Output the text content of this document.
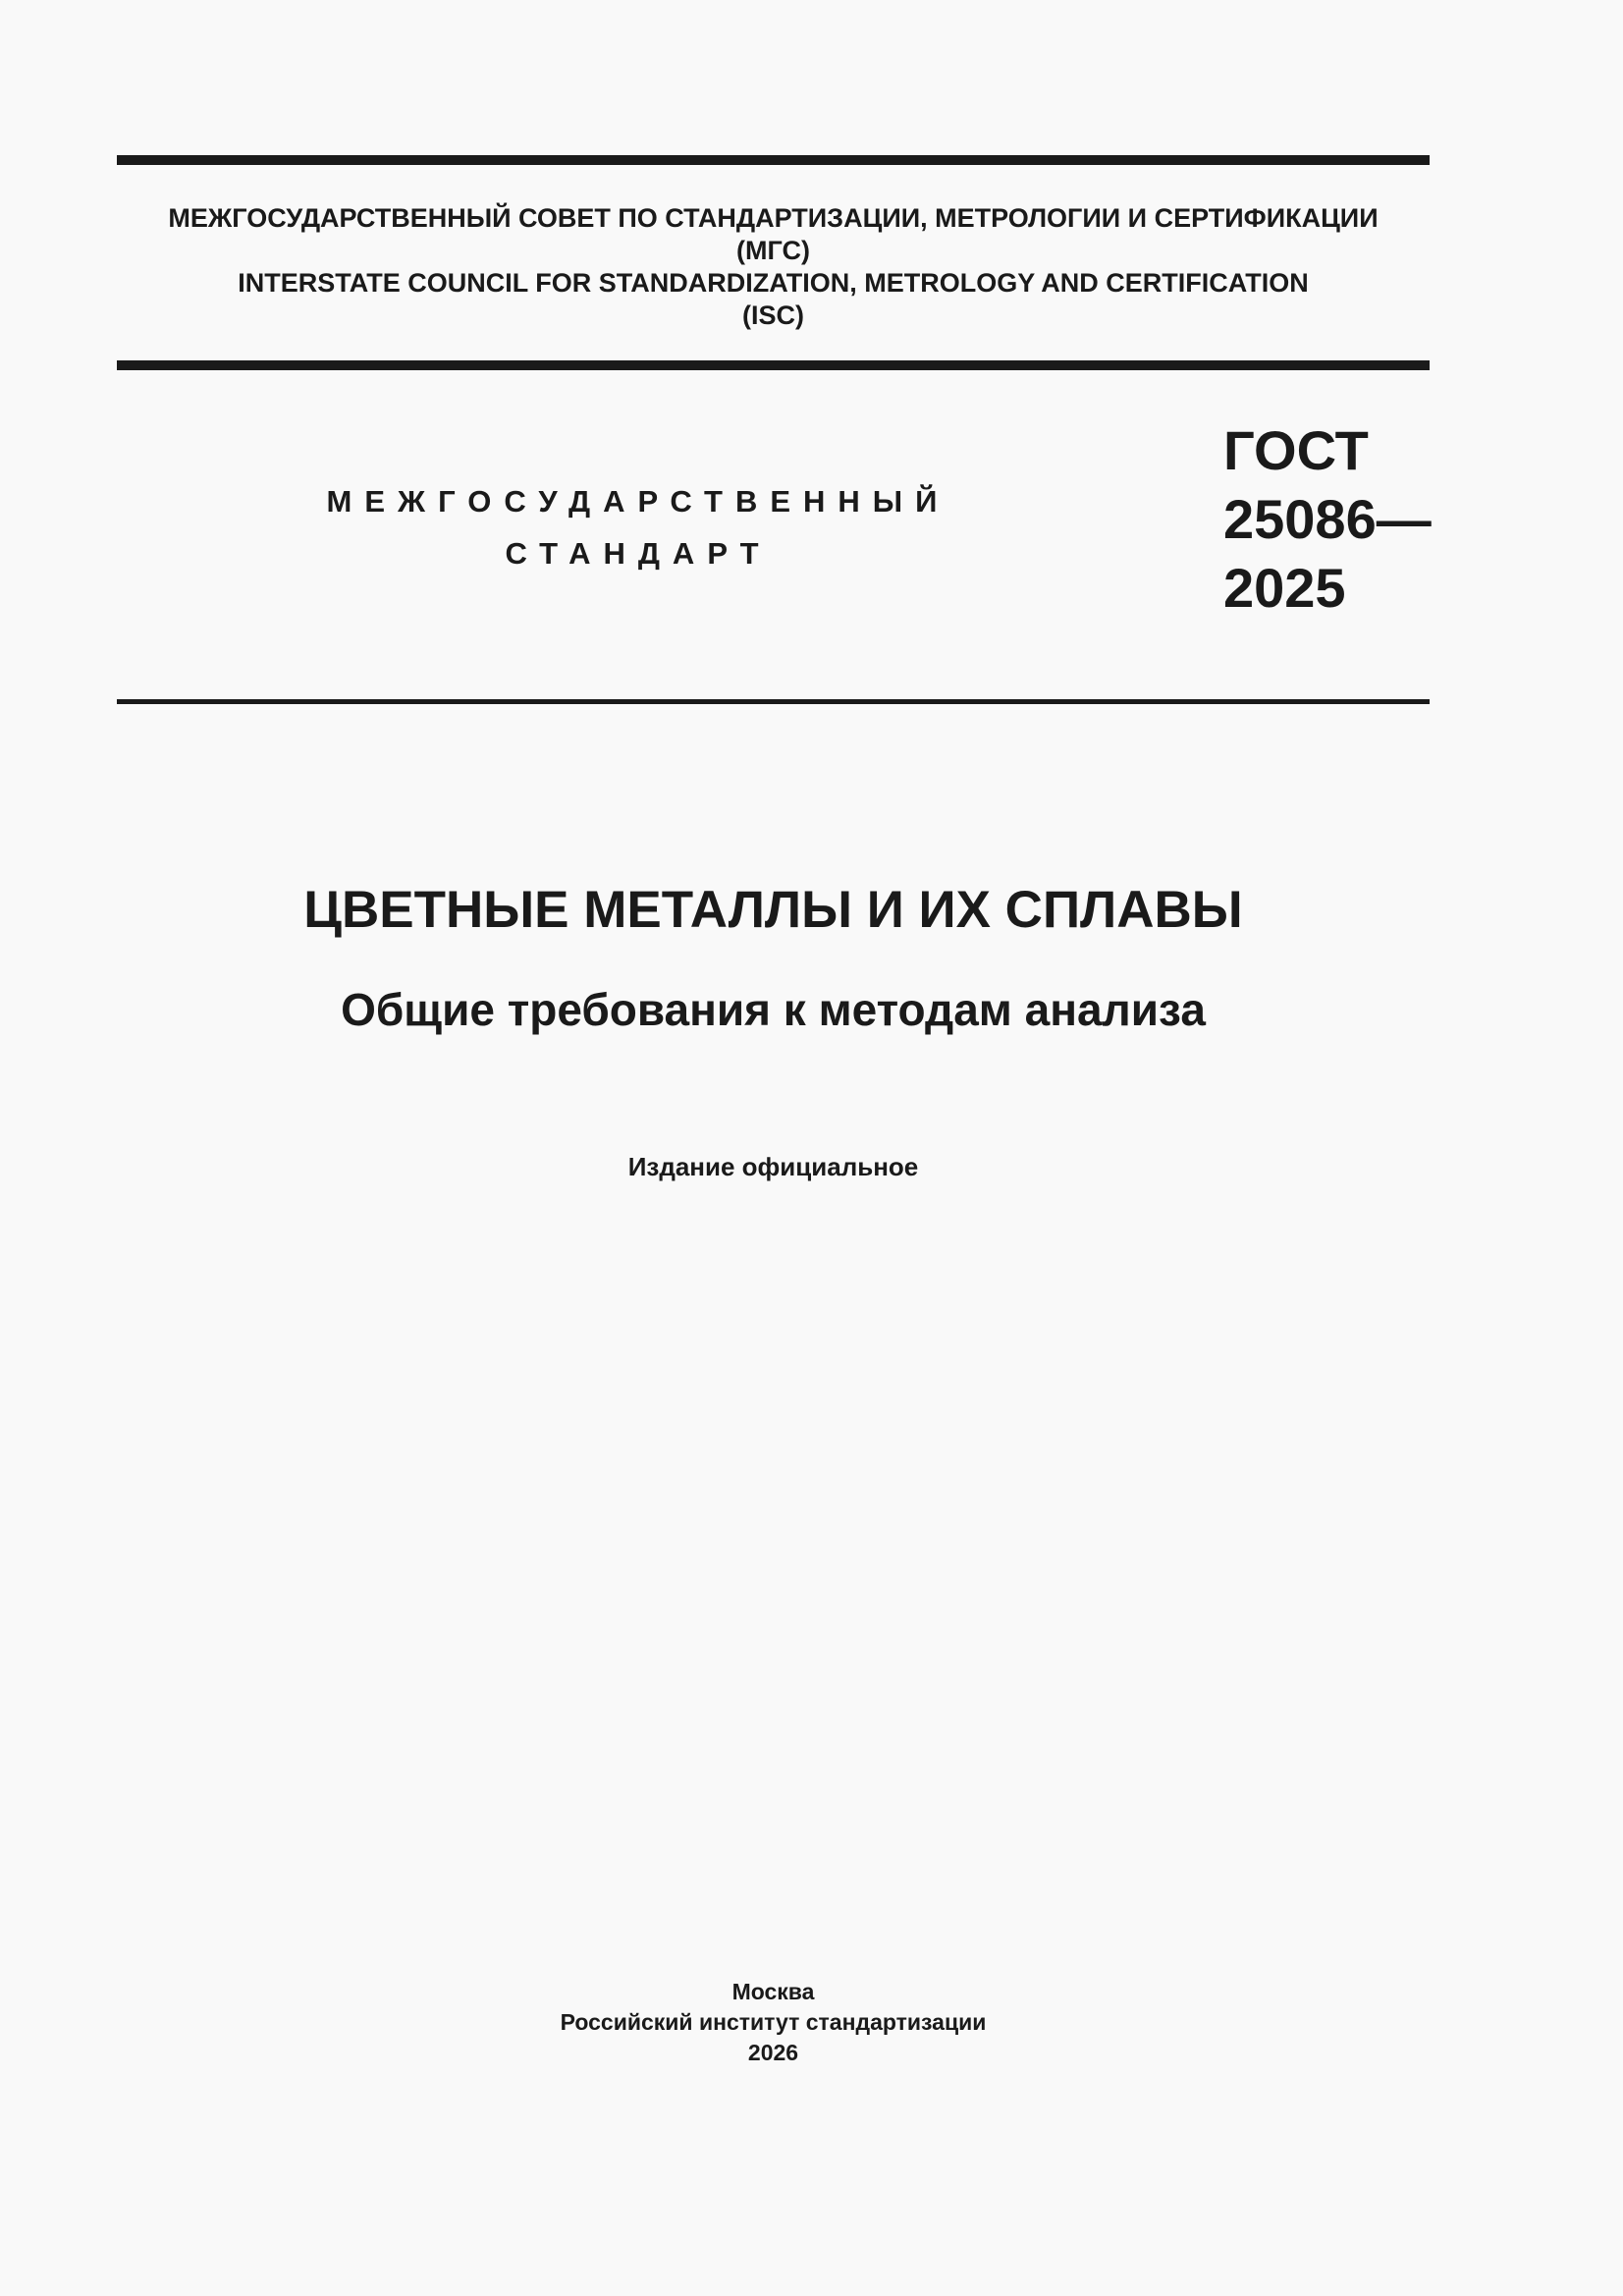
МЕЖГОСУДАРСТВЕННЫЙ СОВЕТ ПО СТАНДАРТИЗАЦИИ, МЕТРОЛОГИИ И СЕРТИФИКАЦИИ
(МГС)
INTERSTATE COUNCIL FOR STANDARDIZATION, METROLOGY AND CERTIFICATION
(ISC)
МЕЖГОСУДАРСТВЕННЫЙ
СТАНДАРТ
ГОСТ
25086—
2025
ЦВЕТНЫЕ МЕТАЛЛЫ И ИХ СПЛАВЫ
Общие требования к методам анализа
Издание официальное
Москва
Российский институт стандартизации
2026
